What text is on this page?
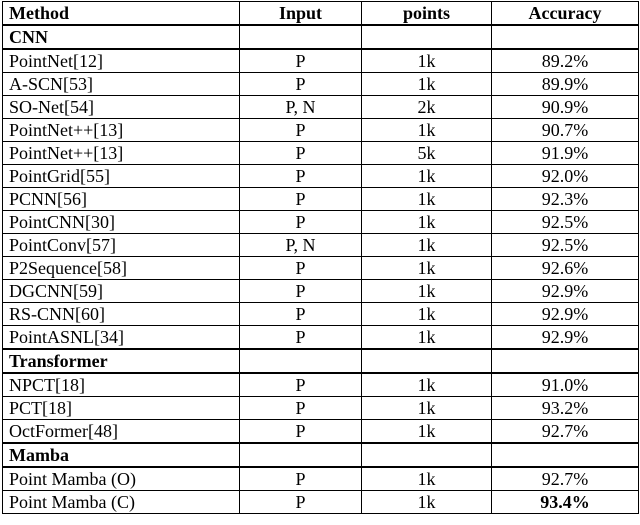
Method	Input	points	Accuracy
CNN			
PointNet[12]	P	1k	89.2%
A-SCN[53]	P	1k	89.9%
SO-Net[54]	P, N	2k	90.9%
PointNet++[13]	P	1k	90.7%
PointNet++[13]	P	5k	91.9%
PointGrid[55]	P	1k	92.0%
PCNN[56]	P	1k	92.3%
PointCNN[30]	P	1k	92.5%
PointConv[57]	P, N	1k	92.5%
P2Sequence[58]	P	1k	92.6%
DGCNN[59]	P	1k	92.9%
RS-CNN[60]	P	1k	92.9%
PointASNL[34]	P	1k	92.9%
Transformer			
NPCT[18]	P	1k	91.0%
PCT[18]	P	1k	93.2%
OctFormer[48]	P	1k	92.7%
Mamba			
Point Mamba (O)	P	1k	92.7%
Point Mamba (C)	P	1k	93.4%
